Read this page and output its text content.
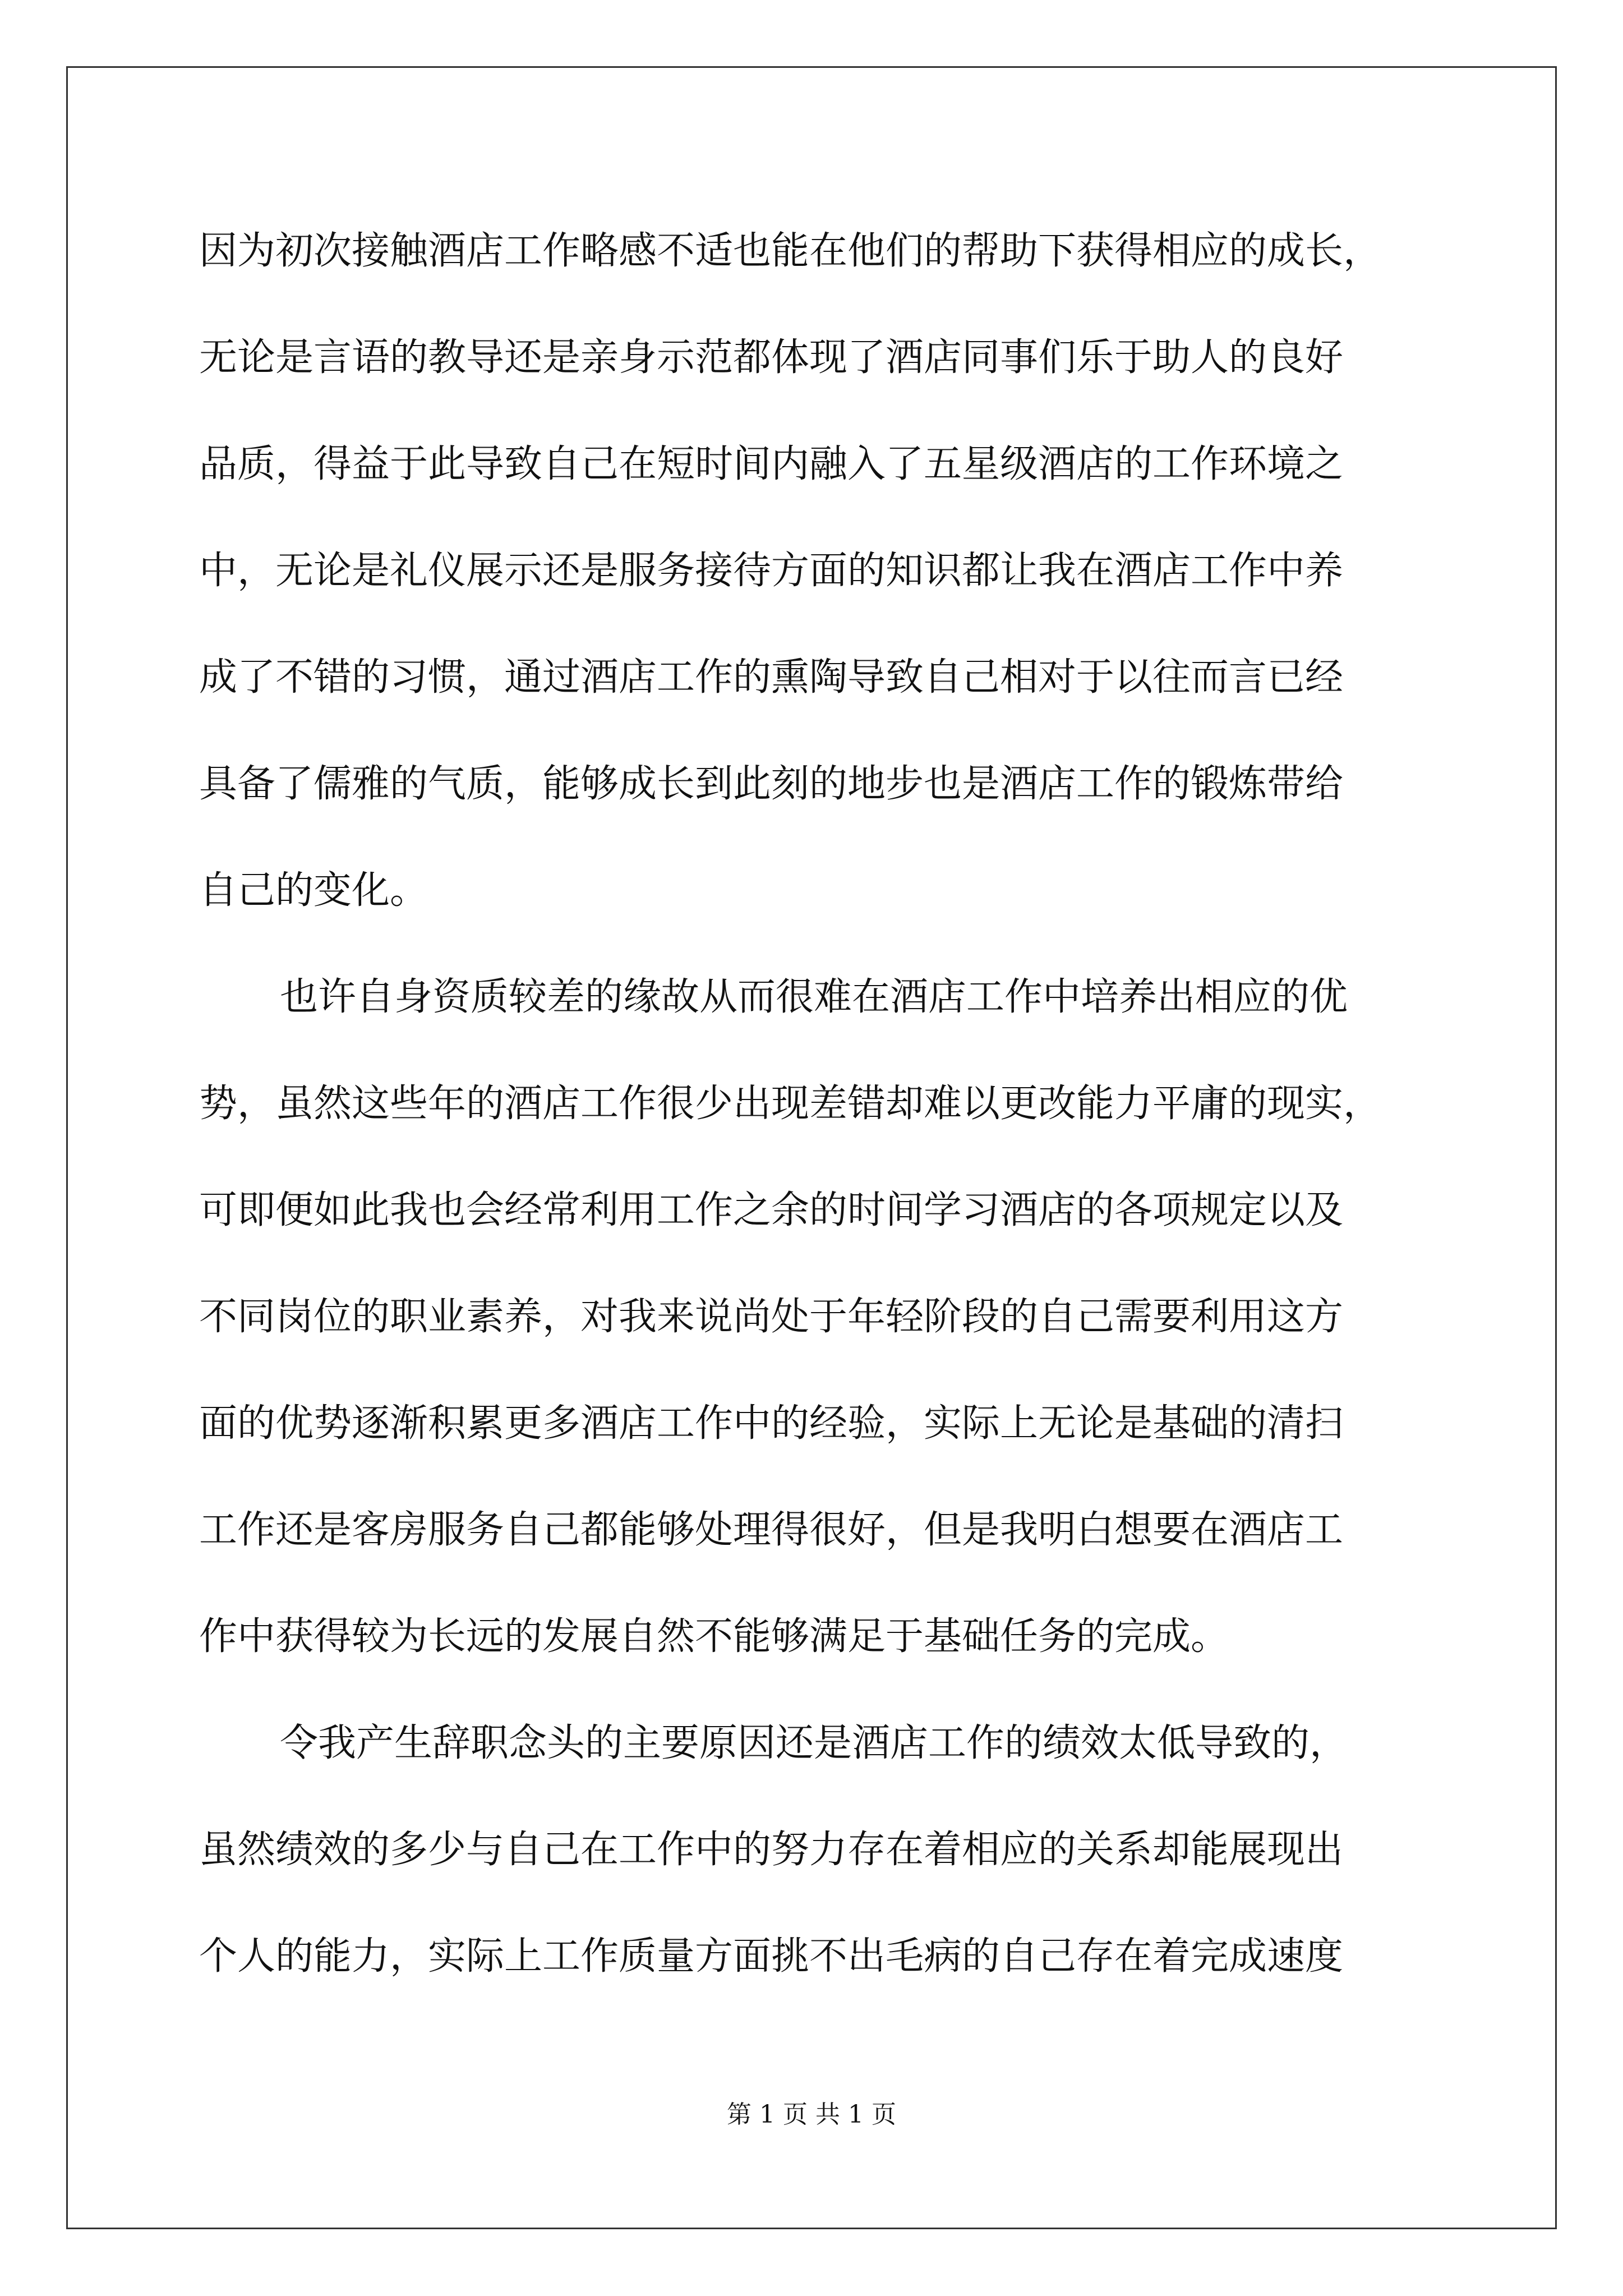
因为初次接触酒店工作略感不适也能在他们的帮助下获得相应的成长，
无论是言语的教导还是亲身示范都体现了酒店同事们乐于助人的良好
品质，得益于此导致自己在短时间内融入了五星级酒店的工作环境之
中，无论是礼仪展示还是服务接待方面的知识都让我在酒店工作中养
成了不错的习惯，通过酒店工作的熏陶导致自己相对于以往而言已经
具备了儒雅的气质，能够成长到此刻的地步也是酒店工作的锻炼带给
自己的变化。
也许自身资质较差的缘故从而很难在酒店工作中培养出相应的优
势，虽然这些年的酒店工作很少出现差错却难以更改能力平庸的现实，
可即便如此我也会经常利用工作之余的时间学习酒店的各项规定以及
不同岗位的职业素养，对我来说尚处于年轻阶段的自己需要利用这方
面的优势逐渐积累更多酒店工作中的经验，实际上无论是基础的清扫
工作还是客房服务自己都能够处理得很好，但是我明白想要在酒店工
作中获得较为长远的发展自然不能够满足于基础任务的完成。
令我产生辞职念头的主要原因还是酒店工作的绩效太低导致的，
虽然绩效的多少与自己在工作中的努力存在着相应的关系却能展现出
个人的能力，实际上工作质量方面挑不出毛病的自己存在着完成速度
第 1 页 共 1 页
